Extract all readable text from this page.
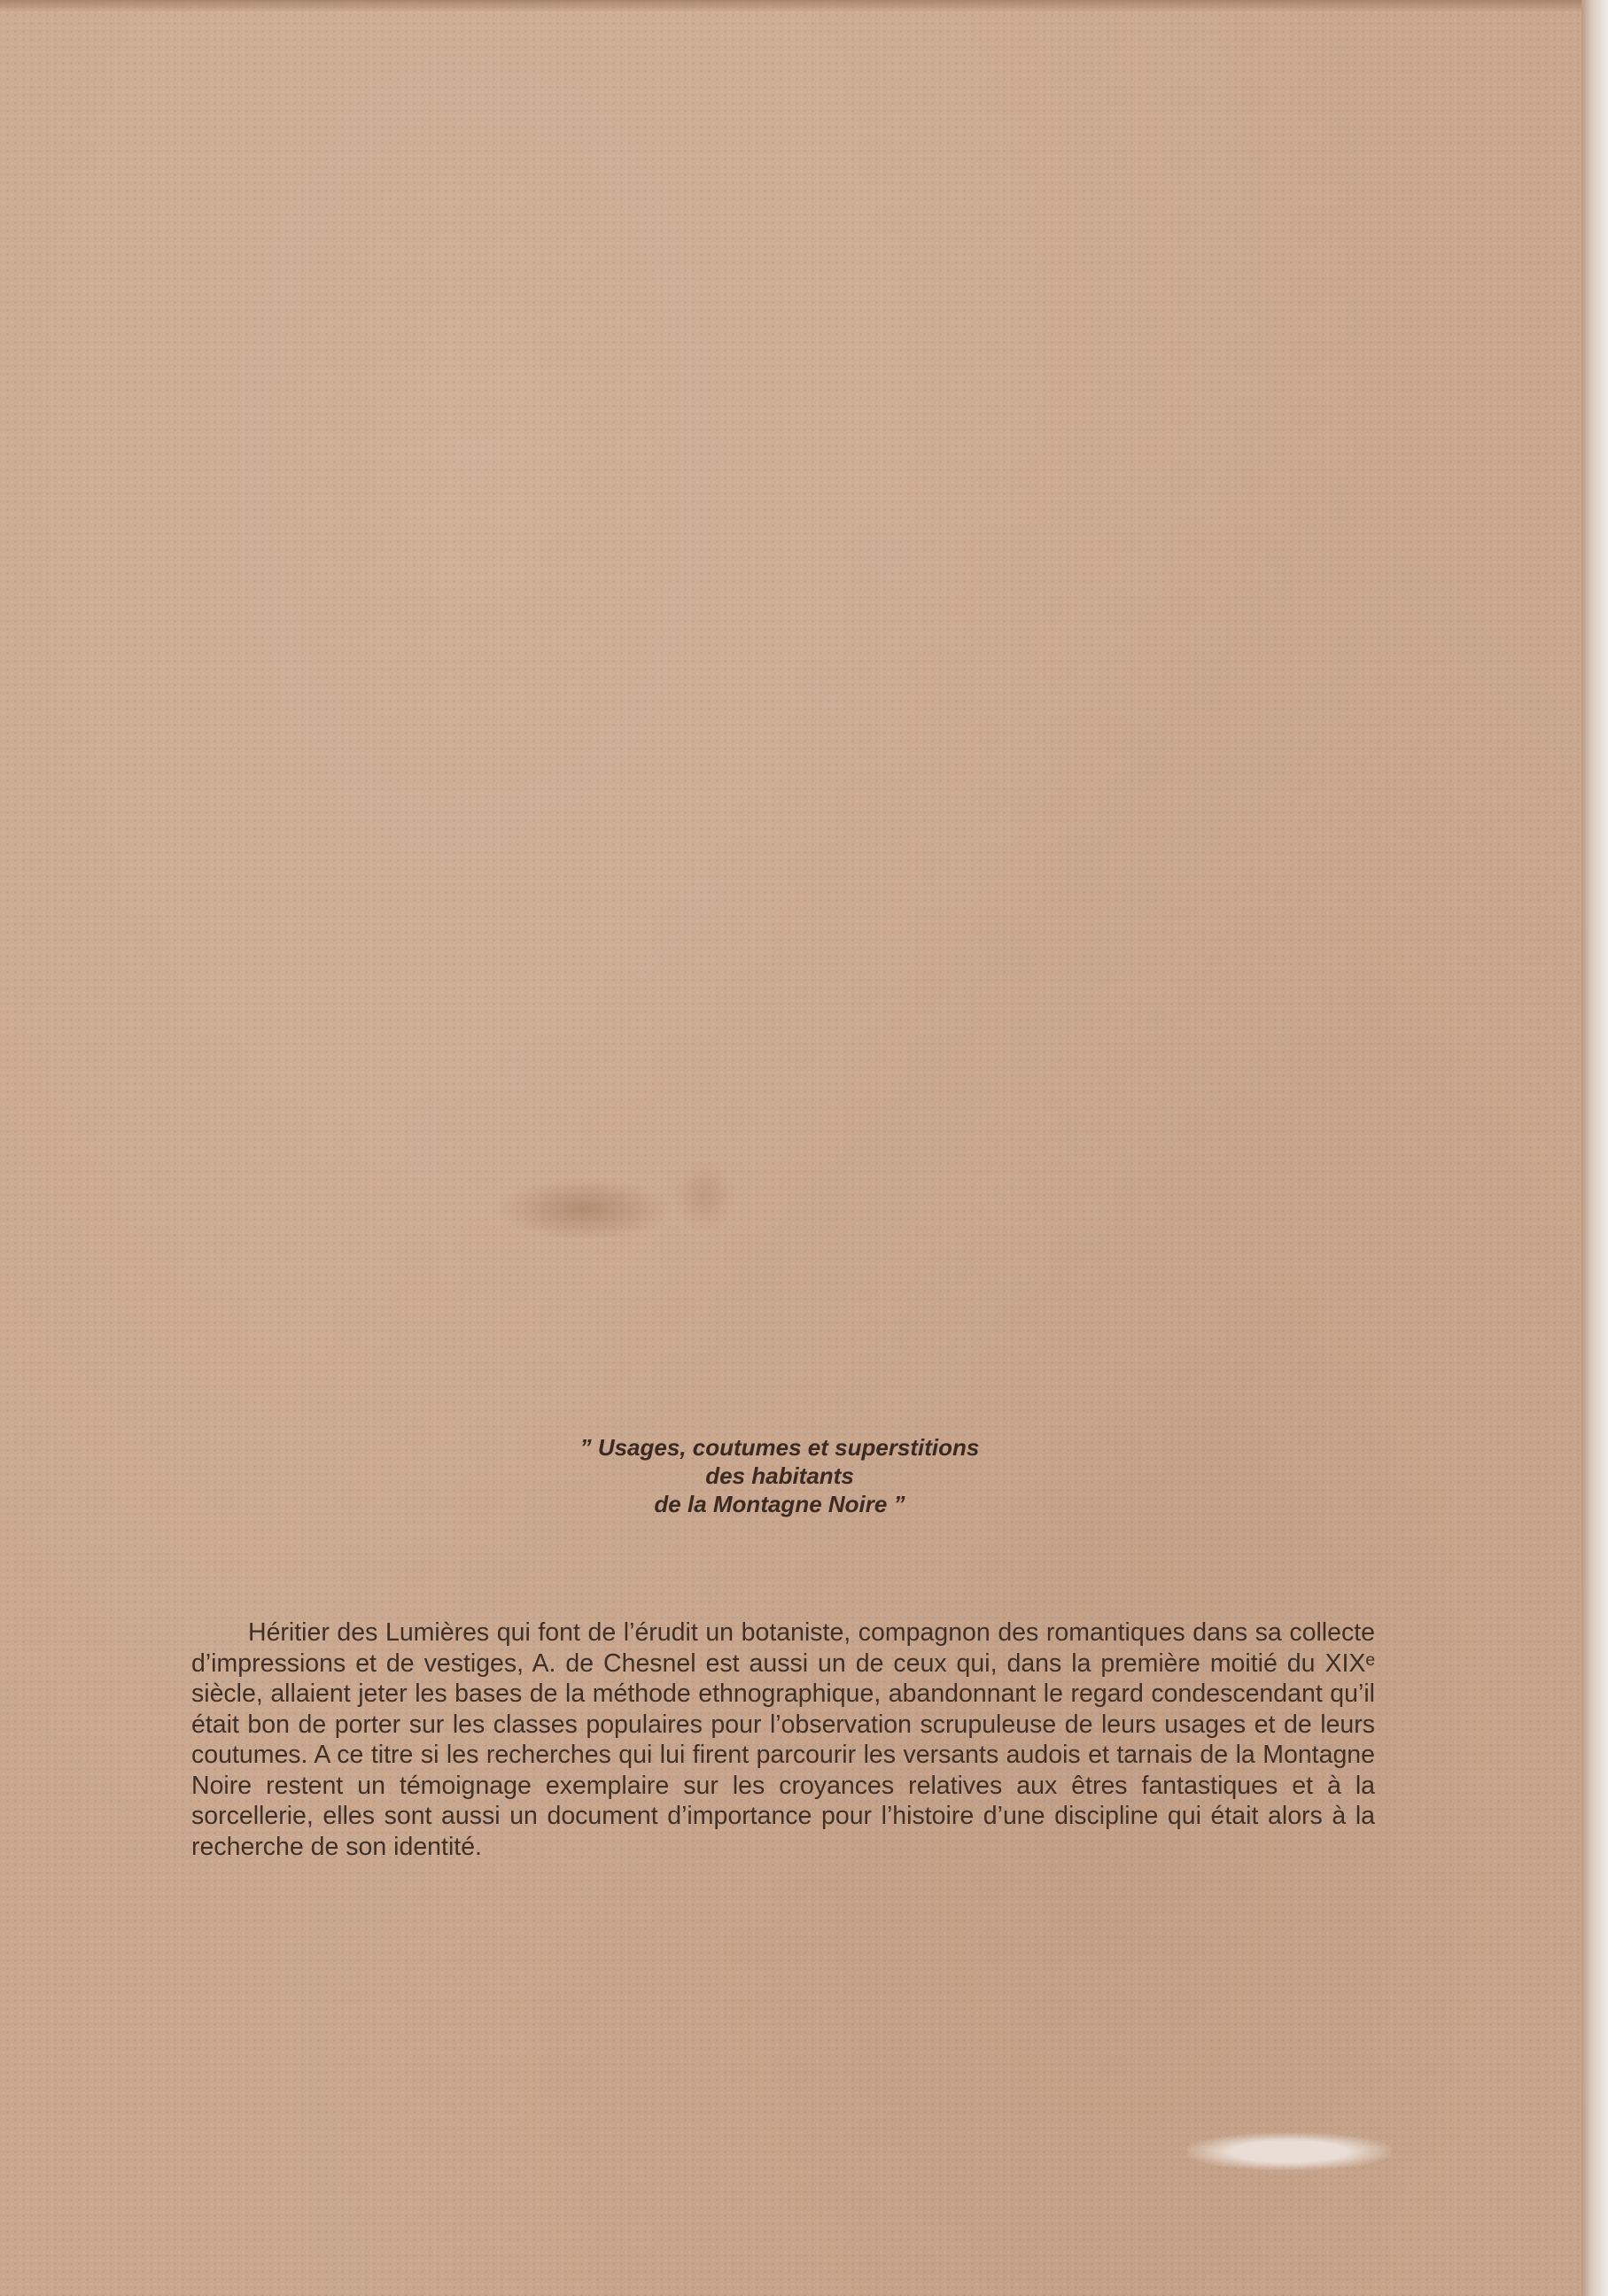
” Usages, coutumes et superstitions
des habitants
de la Montagne Noire ”

Héritier des Lumières qui font de l’érudit un botaniste, compagnon des romantiques dans sa collecte d’impressions et de vestiges, A. de Chesnel est aussi un de ceux qui, dans la première moitié du XIXᵉ siècle, allaient jeter les bases de la méthode ethnographique, abandonnant le regard condescendant qu’il était bon de porter sur les classes populaires pour l’observation scrupuleuse de leurs usages et de leurs coutumes. A ce titre si les recherches qui lui firent parcourir les versants audois et tarnais de la Montagne Noire restent un témoignage exemplaire sur les croyances relatives aux êtres fantastiques et à la sorcellerie, elles sont aussi un document d’importance pour l’histoire d’une discipline qui était alors à la recherche de son identité.
